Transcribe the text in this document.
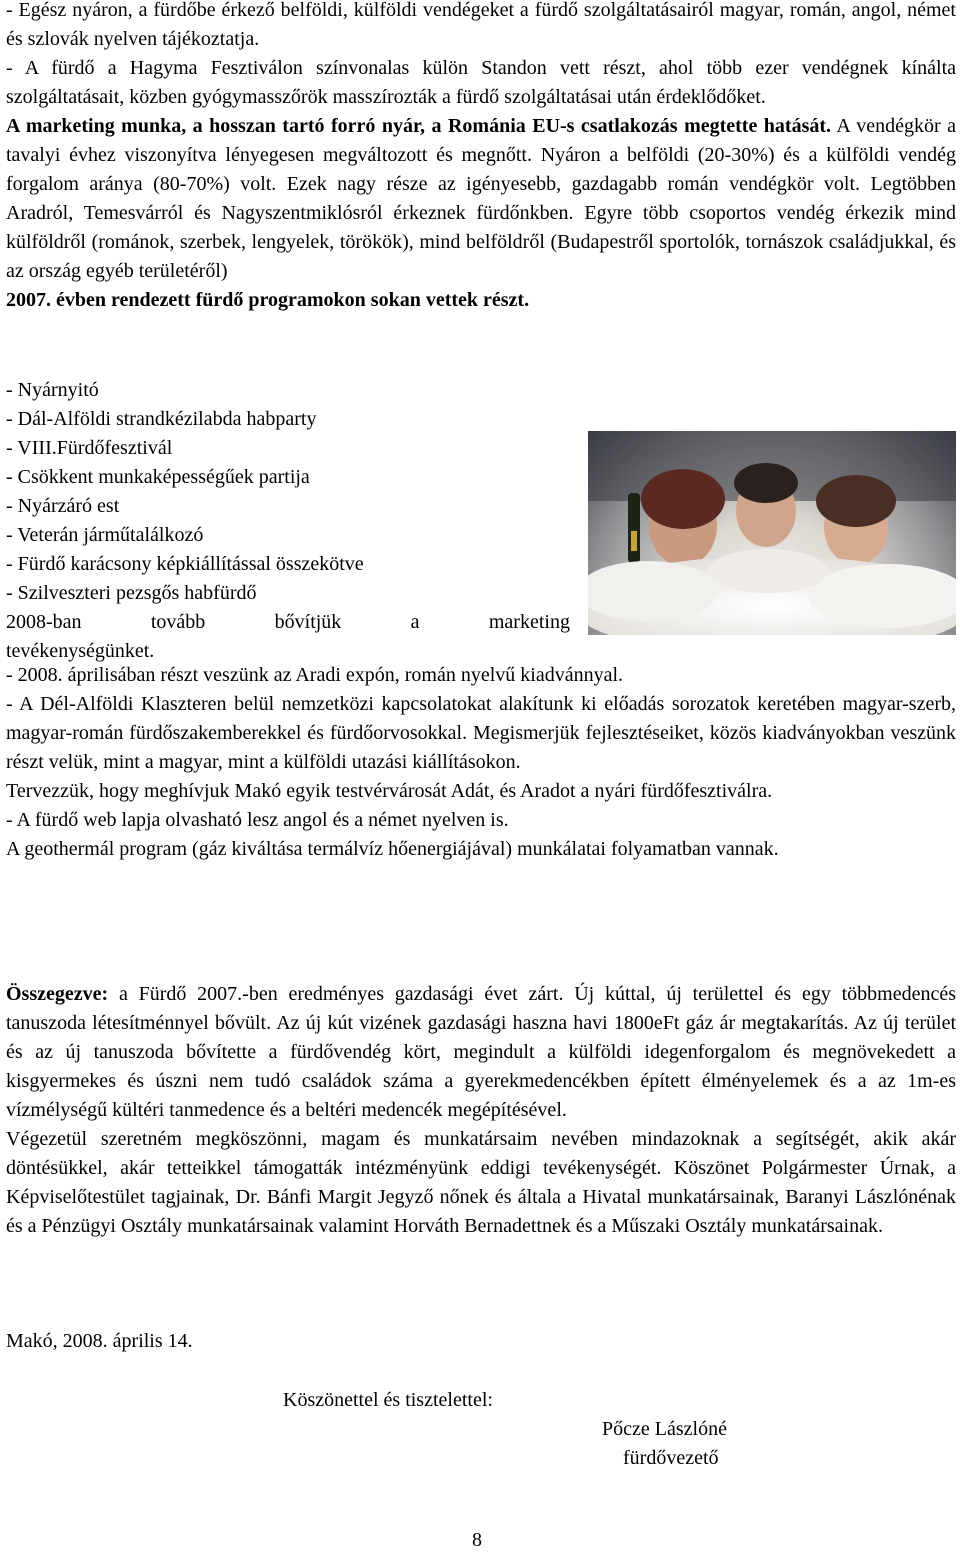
- Egész nyáron, a fürdőbe érkező belföldi, külföldi vendégeket a fürdő szolgáltatásairól magyar, román, angol, német és szlovák nyelven tájékoztatja.

- A fürdő a Hagyma Fesztiválon színvonalas külön Standon vett részt, ahol több ezer vendégnek kínálta szolgáltatásait, közben gyógymasszőrök masszírozták a fürdő szolgáltatásai után érdeklődőket.

A marketing munka, a hosszan tartó forró nyár, a Románia EU-s csatlakozás megtette hatását. A vendégkör a tavalyi évhez viszonyítva lényegesen megváltozott és megnőtt. Nyáron a belföldi (20-30%) és a külföldi vendég forgalom aránya (80-70%) volt. Ezek nagy része az igényesebb, gazdagabb román vendégkör volt. Legtöbben Aradról, Temesvárról és Nagyszentmiklósról érkeznek fürdőnkben. Egyre több csoportos vendég érkezik mind külföldről (románok, szerbek, lengyelek, törökök), mind belföldről (Budapestről sportolók, tornászok családjukkal, és az ország egyéb területéről)

2007. évben rendezett fürdő programokon sokan vettek részt.

- Nyárnyitó

- Dál-Alföldi strandkézilabda habparty

- VIII.Fürdőfesztivál

- Csökkent munkaképességűek partija

- Nyárzáró est

- Veterán járműtalálkozó

- Fürdő karácsony képkiállítással összekötve

- Szilveszteri pezsgős habfürdő

2008-ban	tovább	bővítjük	a	marketing

tevékenységünket.

- 2008. áprilisában részt veszünk az Aradi expón, román nyelvű kiadvánnyal.

- A Dél-Alföldi Klaszteren belül nemzetközi kapcsolatokat alakítunk ki előadás sorozatok keretében magyar-szerb, magyar-román fürdőszakemberekkel és fürdőorvosokkal. Megismerjük fejlesztéseiket, közös kiadványokban veszünk részt velük, mint a magyar, mint a külföldi utazási kiállításokon.

Tervezzük, hogy meghívjuk Makó egyik testvérvárosát Adát, és Aradot a nyári fürdőfesztiválra.

- A fürdő web lapja olvasható lesz angol és a német nyelven is.

A geothermál program (gáz kiváltása termálvíz hőenergiájával) munkálatai folyamatban vannak.

Összegezve: a Fürdő 2007.-ben eredményes gazdasági évet zárt. Új kúttal, új területtel és egy többmedencés tanuszoda létesítménnyel bővült. Az új kút vizének gazdasági haszna havi 1800eFt gáz ár megtakarítás. Az új terület és az új tanuszoda bővítette a fürdővendég kört, megindult a külföldi idegenforgalom és megnövekedett a kisgyermekes és úszni nem tudó családok száma a gyerekmedencékben épített élményelemek és a az 1m-es vízmélységű kültéri tanmedence és a beltéri medencék megépítésével.

Végezetül szeretném megköszönni, magam és munkatársaim nevében mindazoknak a segítségét, akik akár döntésükkel, akár tetteikkel támogatták intézményünk eddigi tevékenységét. Köszönet Polgármester Úrnak, a Képviselőtestület tagjainak, Dr. Bánfi Margit Jegyző nőnek és általa a Hivatal munkatársainak, Baranyi Lászlónénak és a Pénzügyi Osztály munkatársainak valamint Horváth Bernadettnek és a Műszaki Osztály munkatársainak.

Makó, 2008. április 14.
Köszönettel és tisztelettel:
Pőcze Lászlóné
fürdővezető
8
